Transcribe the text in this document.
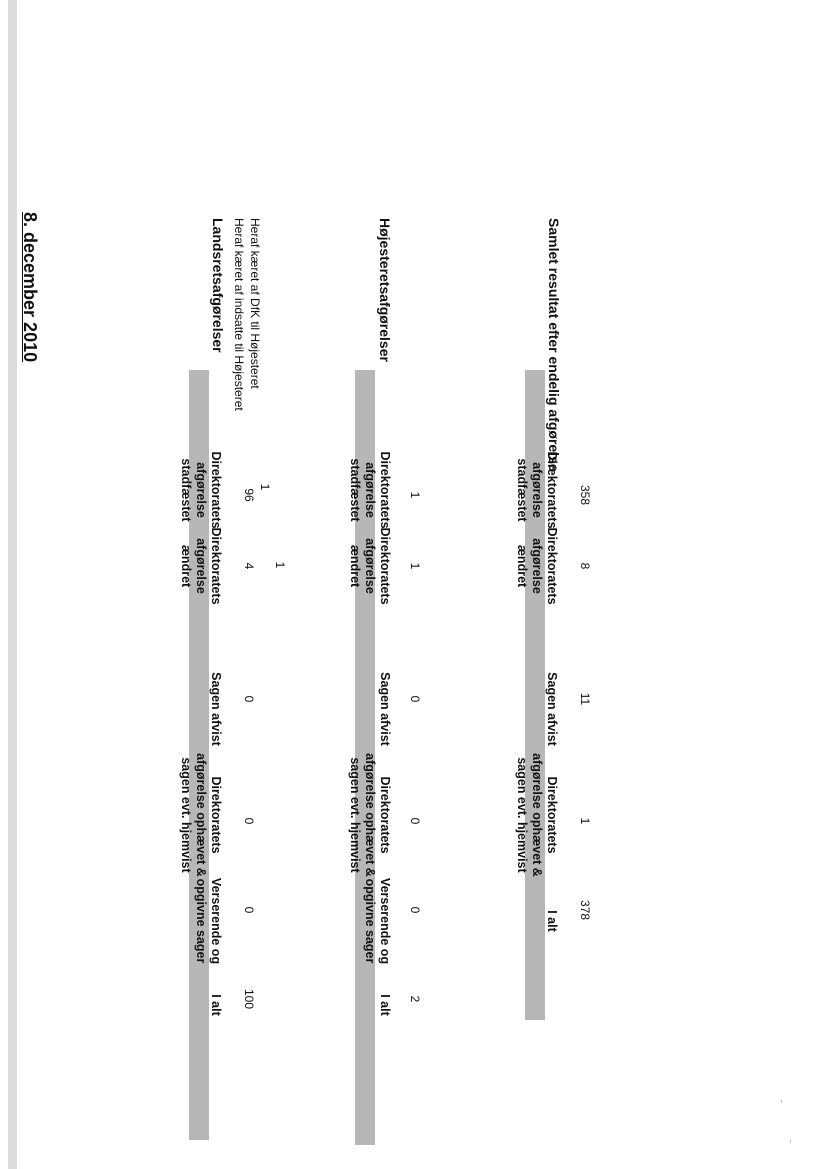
8. december 2010	Landsretsafgørelser Heraf kæret af indsatte til Højesteret Heraf kæret af DfK til Højesteret
Direktoratets afgørelse stadfæstet
Direktoratets afgørelse ændret
Sagen afvist
Direktoratets afgørelse ophævet & sagen evt. hjemvist
Verserende og opgivne sager
I alt
96
4
0
0
0
100
1
1
Højesteretsafgørelser
Direktoratets afgørelse stadfæstet
Direktoratets afgørelse ændret
Sagen afvist
Direktoratets afgørelse ophævet & sagen evt. hjemvist
Verserende og opgivne sager
I alt
1
1
0
0
0
2
Samlet resultat efter endelig afgørelse
Direktoratets afgørelse stadfæstet
Direktoratets afgørelse ændret
Sagen afvist
Direktoratets afgørelse ophævet & sagen evt. hjemvist
I alt
358
8
11
1
378
